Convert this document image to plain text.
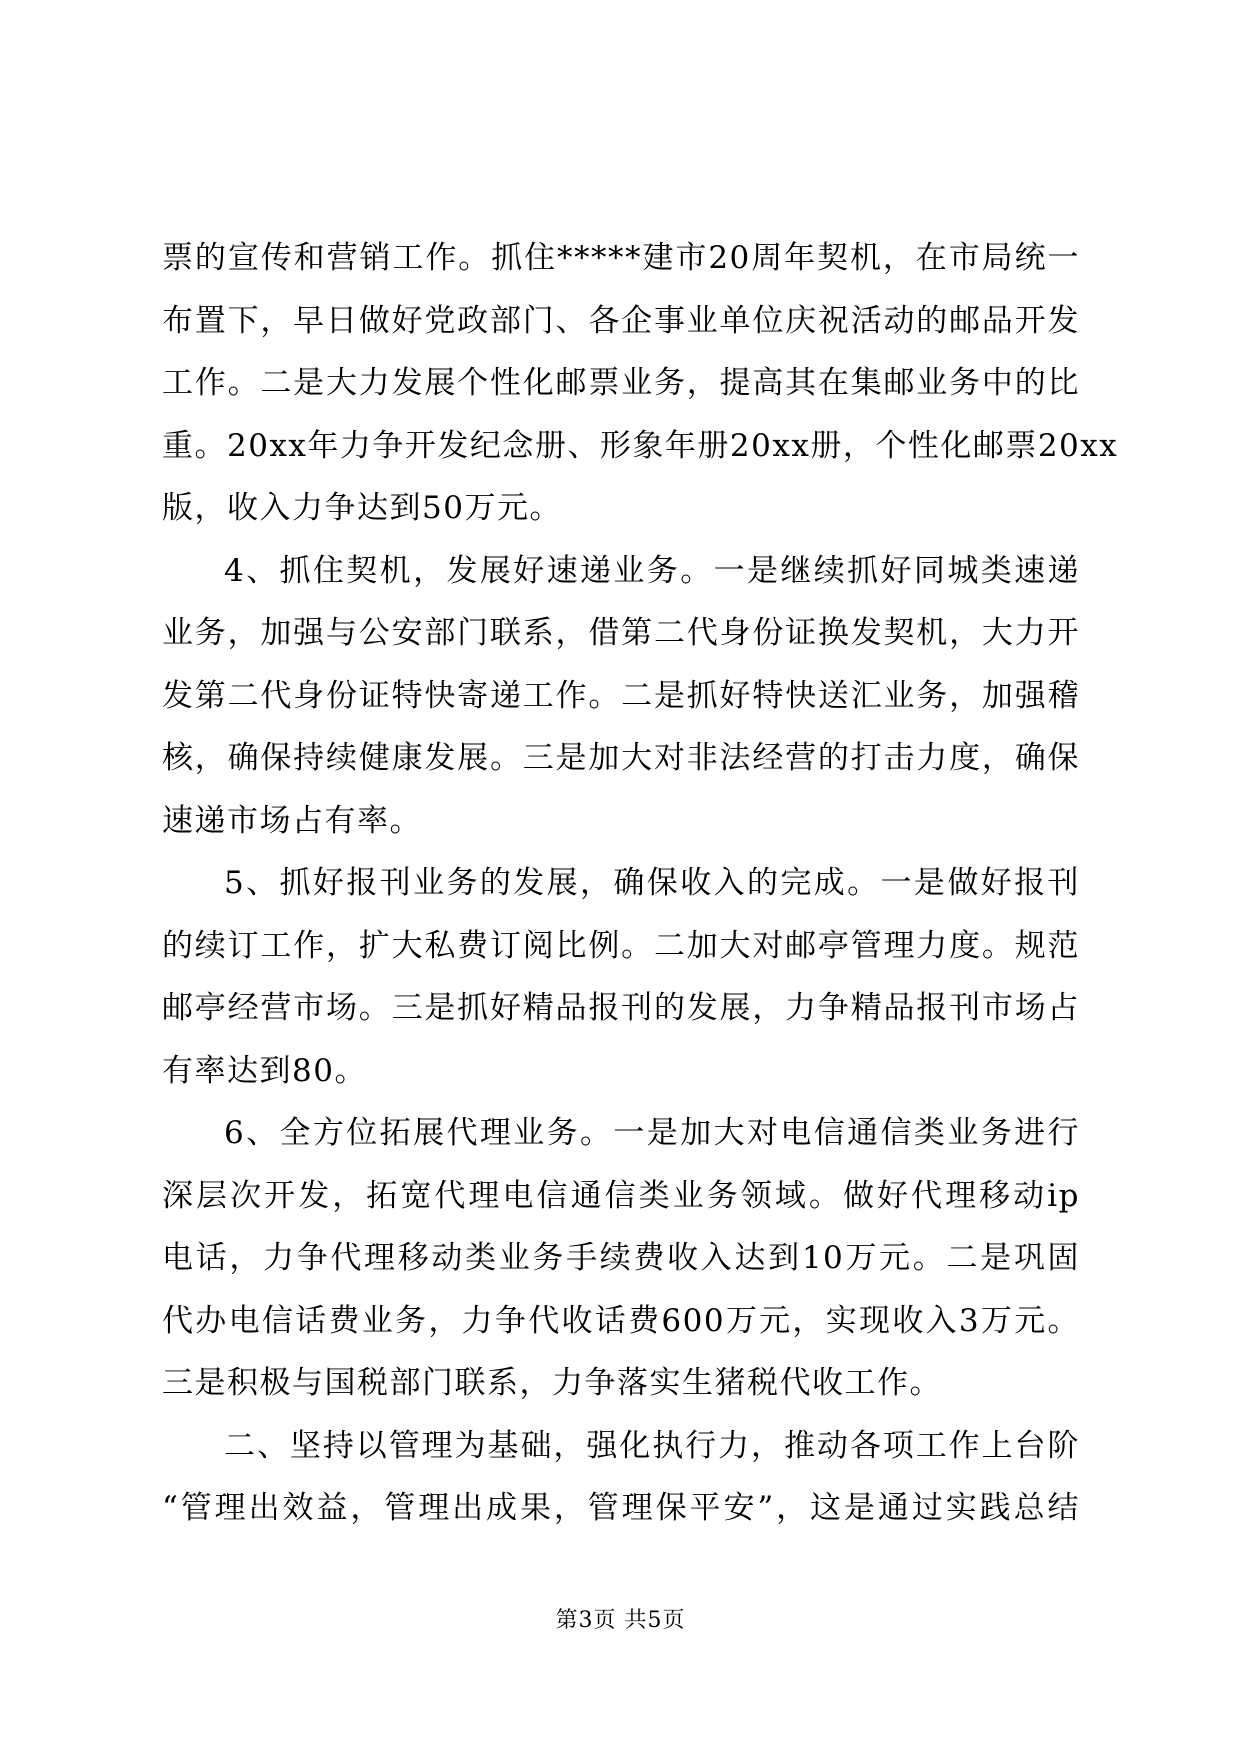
票的宣传和营销工作。抓住*****建市20周年契机，在市局统一
布置下，早日做好党政部门、各企事业单位庆祝活动的邮品开发
工作。二是大力发展个性化邮票业务，提高其在集邮业务中的比
重。20xx年力争开发纪念册、形象年册20xx册，个性化邮票20xx
版，收入力争达到50万元。
4、抓住契机，发展好速递业务。一是继续抓好同城类速递
业务，加强与公安部门联系，借第二代身份证换发契机，大力开
发第二代身份证特快寄递工作。二是抓好特快送汇业务，加强稽
核，确保持续健康发展。三是加大对非法经营的打击力度，确保
速递市场占有率。
5、抓好报刊业务的发展，确保收入的完成。一是做好报刊
的续订工作，扩大私费订阅比例。二加大对邮亭管理力度。规范
邮亭经营市场。三是抓好精品报刊的发展，力争精品报刊市场占
有率达到80。
6、全方位拓展代理业务。一是加大对电信通信类业务进行
深层次开发，拓宽代理电信通信类业务领域。做好代理移动ip
电话，力争代理移动类业务手续费收入达到10万元。二是巩固
代办电信话费业务，力争代收话费600万元，实现收入3万元。
三是积极与国税部门联系，力争落实生猪税代收工作。
二、坚持以管理为基础，强化执行力，推动各项工作上台阶
“管理出效益，管理出成果，管理保平安”，这是通过实践总结
第3页 共5页
